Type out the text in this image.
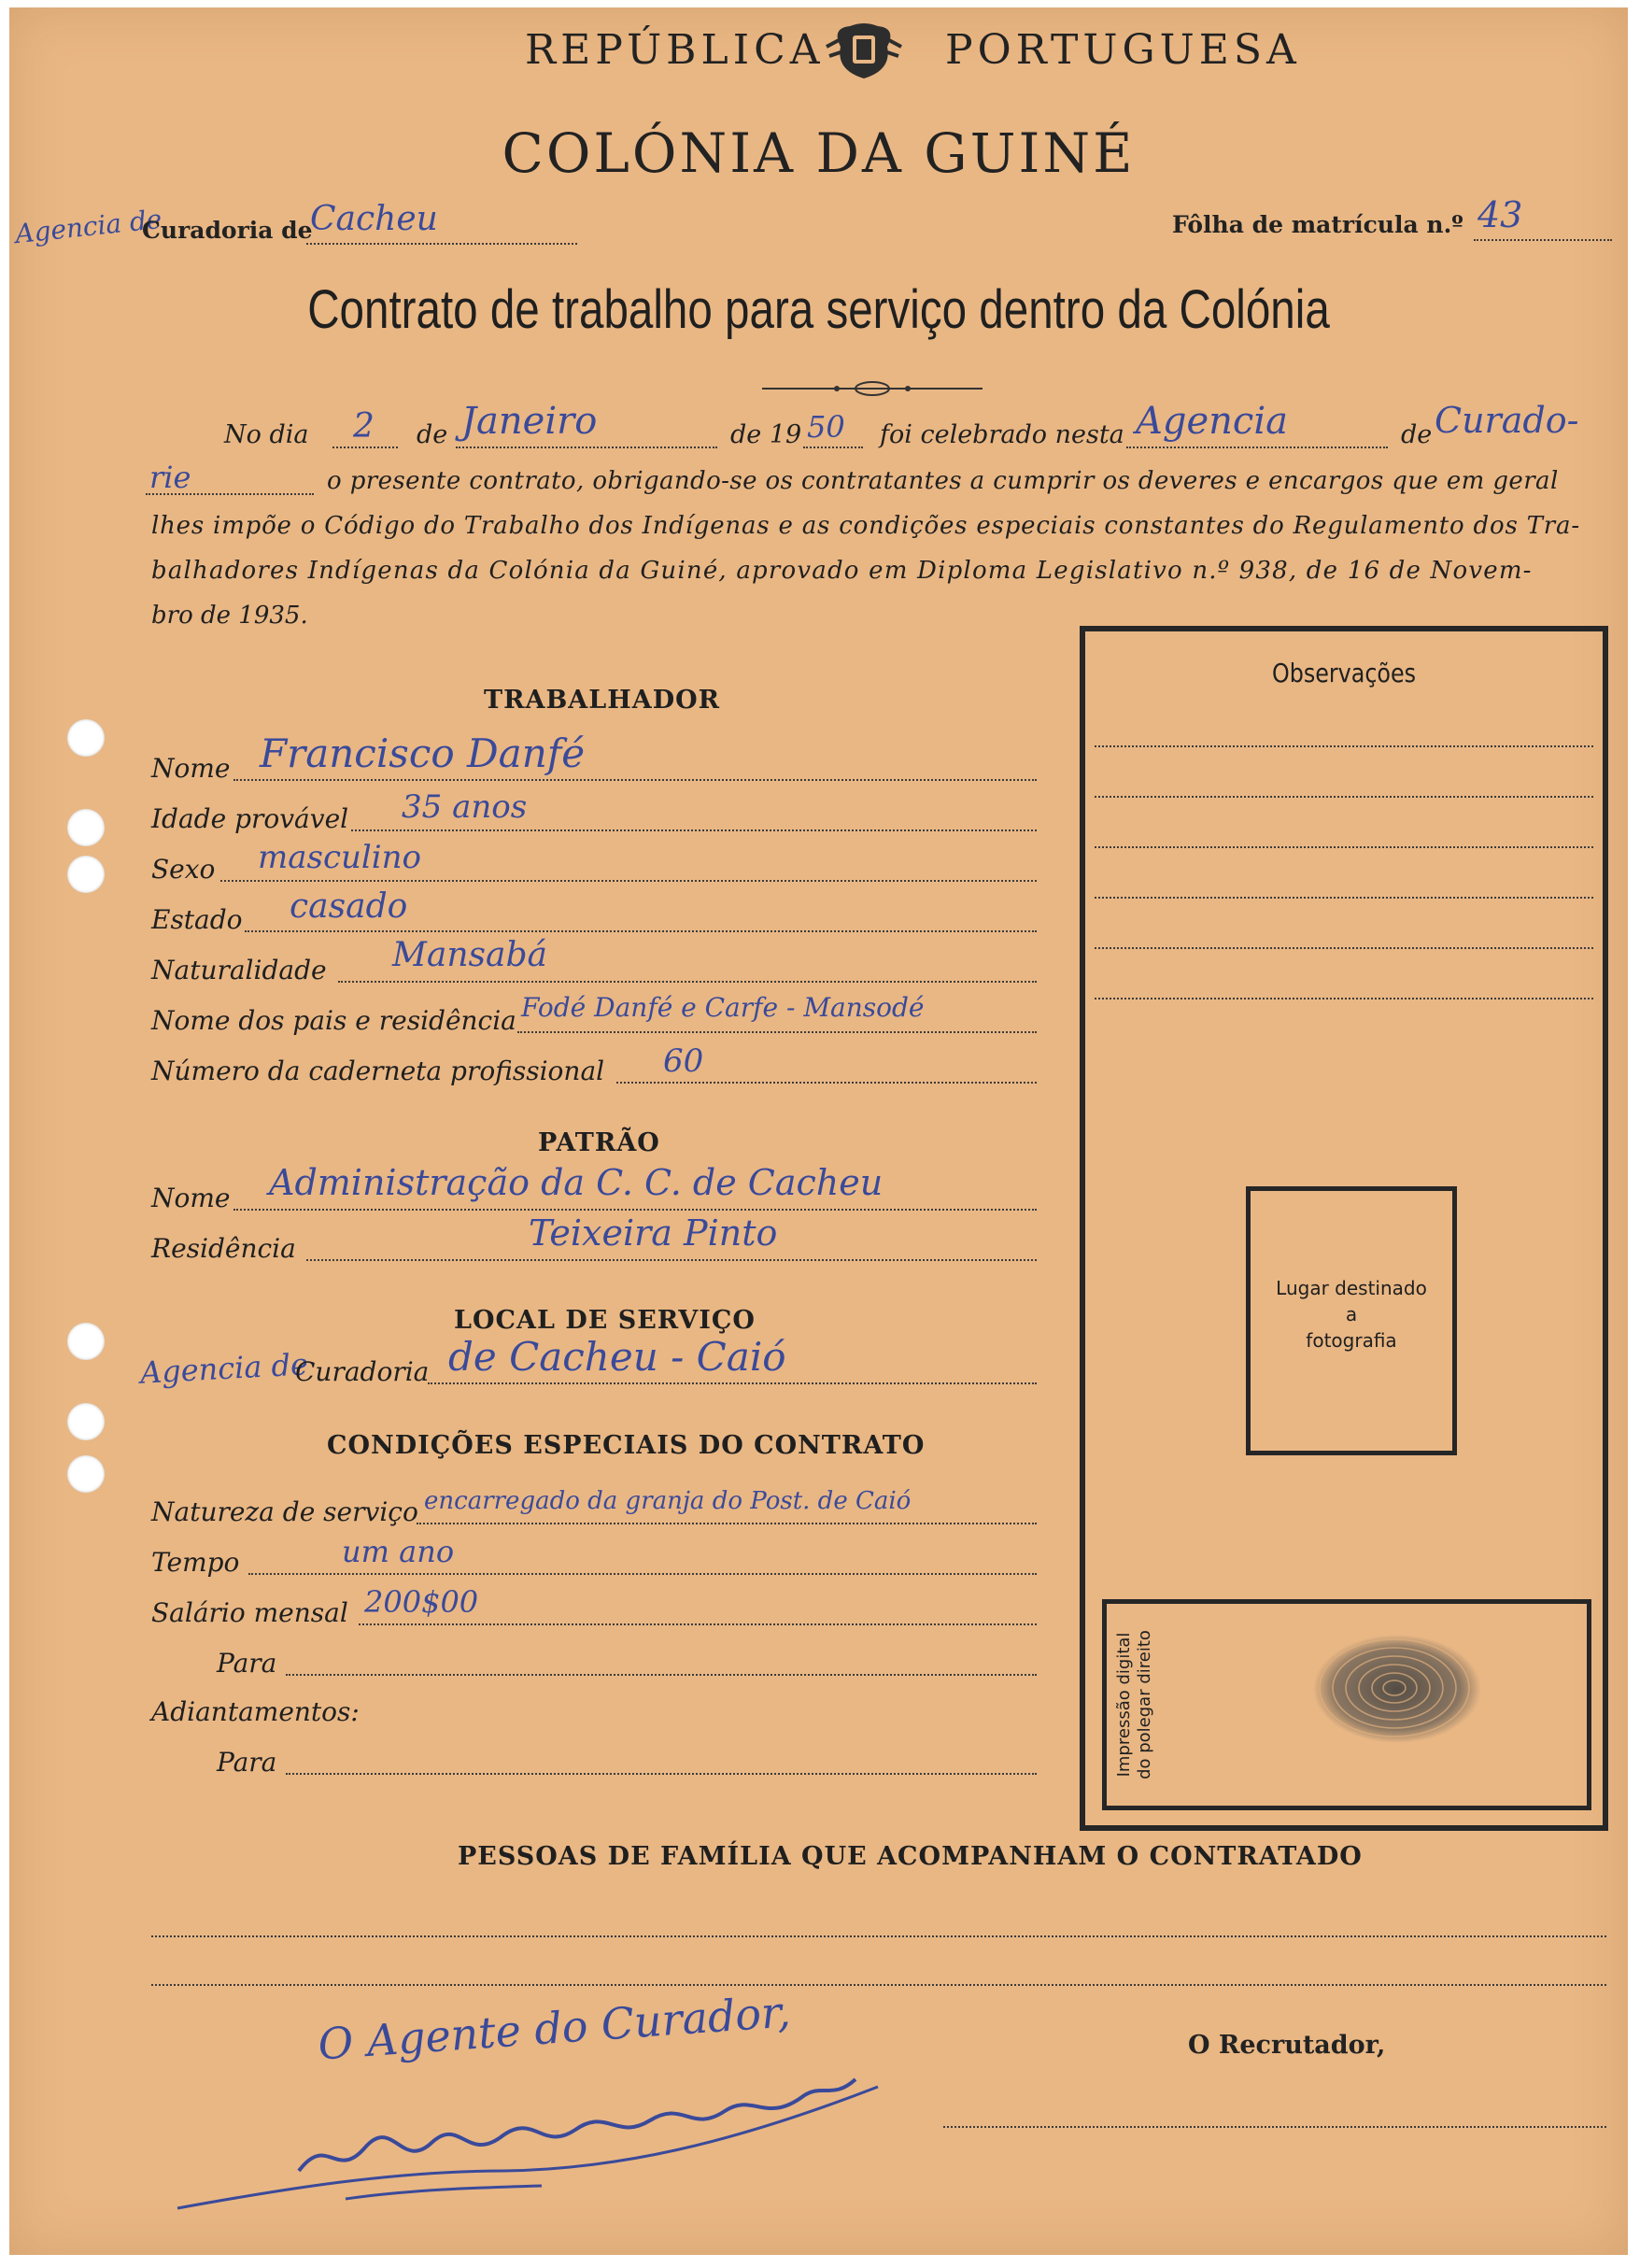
REPÚBLICA	PORTUGUESA
COLÓNIA DA GUINÉ
Agencia de
Curadoria de
Cacheu	Fôlha de matrícula n.º 43
Contrato de trabalho para serviço dentro da Colónia
No dia 2 de Janeiro	de 19 50 foi celebrado nesta Agencia	de Curado-
rie	o presente contrato, obrigando-se os contratantes a cumprir os deveres e encargos que em geral
lhes impõe o Código do Trabalho dos Indígenas e as condições especiais constantes do Regulamento dos Tra-
balhadores Indígenas da Colónia da Guiné, aprovado em Diploma Legislativo n.º 938, de 16 de Novem-
bro de 1935.
TRABALHADOR
Nome Francisco Danfé
Idade provável 35 anos
Sexo masculino
Estado casado
Naturalidade Mansabá
Nome dos pais e residência Fodé Danfé e Carfe - Mansodé
Número da caderneta profissional 60
PATRÃO
Nome Administração da C. C. de Cacheu
Residência	Teixeira Pinto
LOCAL DE SERVIÇO
Agencia de
Curadoria de Cacheu - Caió
CONDIÇÕES ESPECIAIS DO CONTRATO
Natureza de serviço encarregado da granja do Post. de Caió
Tempo	um ano
Salário mensal 200$00
Para
Adiantamentos:
Para
Observações
Lugar destinado
a
fotografia
Impressão digital do polegar direito
PESSOAS DE FAMÍLIA QUE ACOMPANHAM O CONTRATADO
O Agente do Curador,	O Recrutador,
